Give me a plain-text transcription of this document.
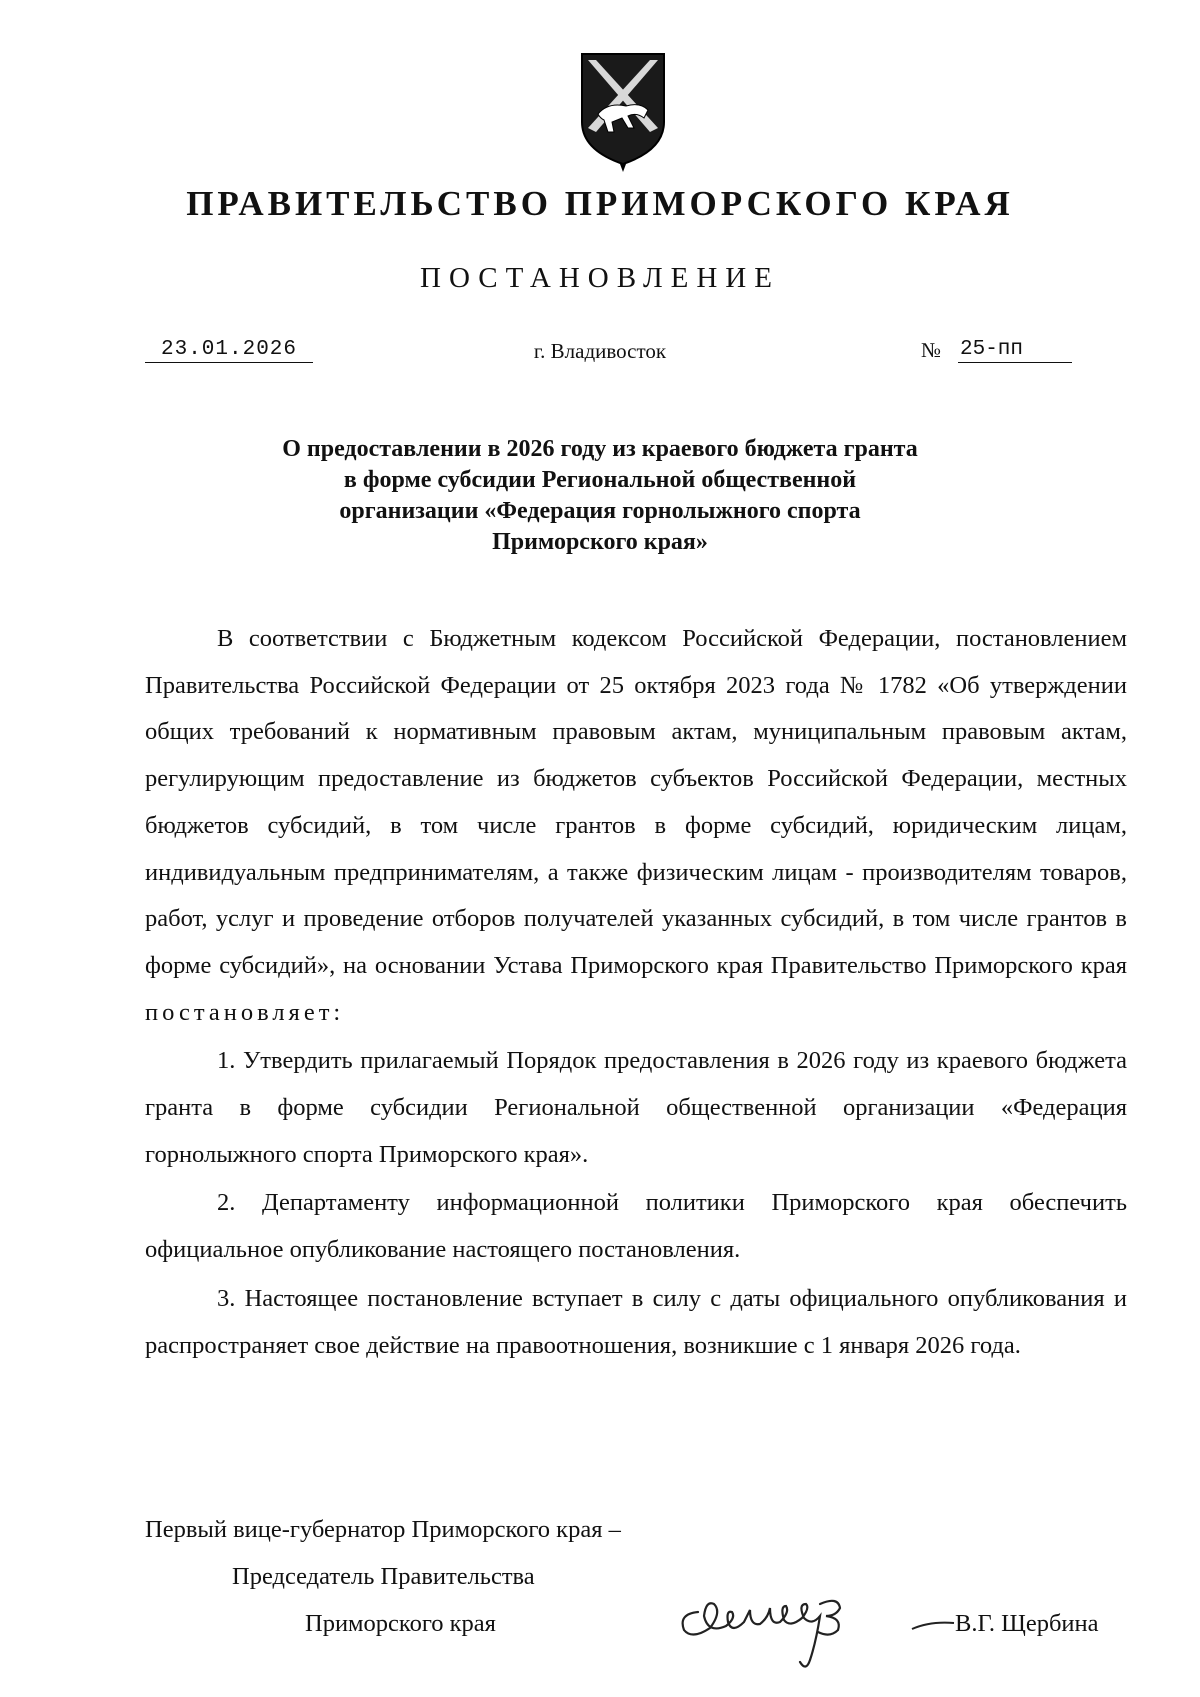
ПРАВИТЕЛЬСТВО ПРИМОРСКОГО КРАЯ
ПОСТАНОВЛЕНИЕ
23.01.2026	г. Владивосток	№ 25-пп
О предоставлении в 2026 году из краевого бюджета гранта
в форме субсидии Региональной общественной
организации «Федерация горнолыжного спорта
Приморского края»

В соответствии с Бюджетным кодексом Российской Федерации, постановлением Правительства Российской Федерации от 25 октября 2023 года № 1782 «Об утверждении общих требований к нормативным правовым актам, муниципальным правовым актам, регулирующим предоставление из бюджетов субъектов Российской Федерации, местных бюджетов субсидий, в том числе грантов в форме субсидий, юридическим лицам, индивидуальным предпринимателям, а также физическим лицам - производителям товаров, работ, услуг и проведение отборов получателей указанных субсидий, в том числе грантов в форме субсидий», на основании Устава Приморского края Правительство Приморского края постановляет:

1. Утвердить прилагаемый Порядок предоставления в 2026 году из краевого бюджета гранта в форме субсидии Региональной общественной организации «Федерация горнолыжного спорта Приморского края».

2. Департаменту информационной политики Приморского края обеспечить официальное опубликование настоящего постановления.

3. Настоящее постановление вступает в силу с даты официального опубликования и распространяет свое действие на правоотношения, возникшие с 1 января 2026 года.

Первый вице-губернатор Приморского края –
Председатель Правительства
Приморского края	В.Г. Щербина
